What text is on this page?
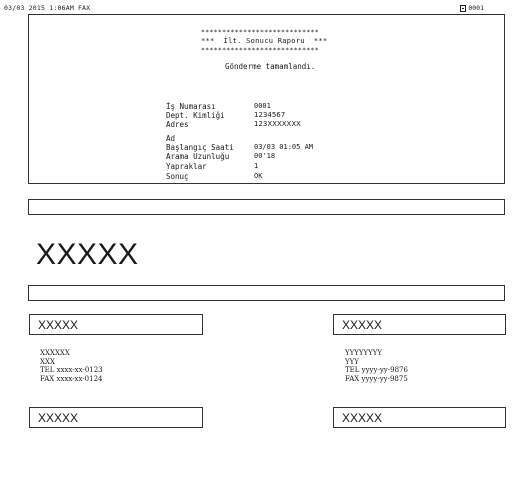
03/03 2015 1:06AM FAX	0001
****************************
***  İlt. Sonucu Raporu  ***
****************************
Gönderme tamamlandı.
İş Numarası	0001
Dept. Kimliği	1234567
Adres	123XXXXXXX
Ad
Başlangıç Saati	03/03 01:05 AM
Arama Uzunluğu	00'18
Yapraklar	1
Sonuç	OK
XXXXX
XXXXX	XXXXX
XXXXXX
XXX
TEL xxxx-xx-0123
FAX xxxx-xx-0124
YYYYYYYY
YYY
TEL yyyy-yy-9876
FAX yyyy-yy-9875
XXXXX	XXXXX
